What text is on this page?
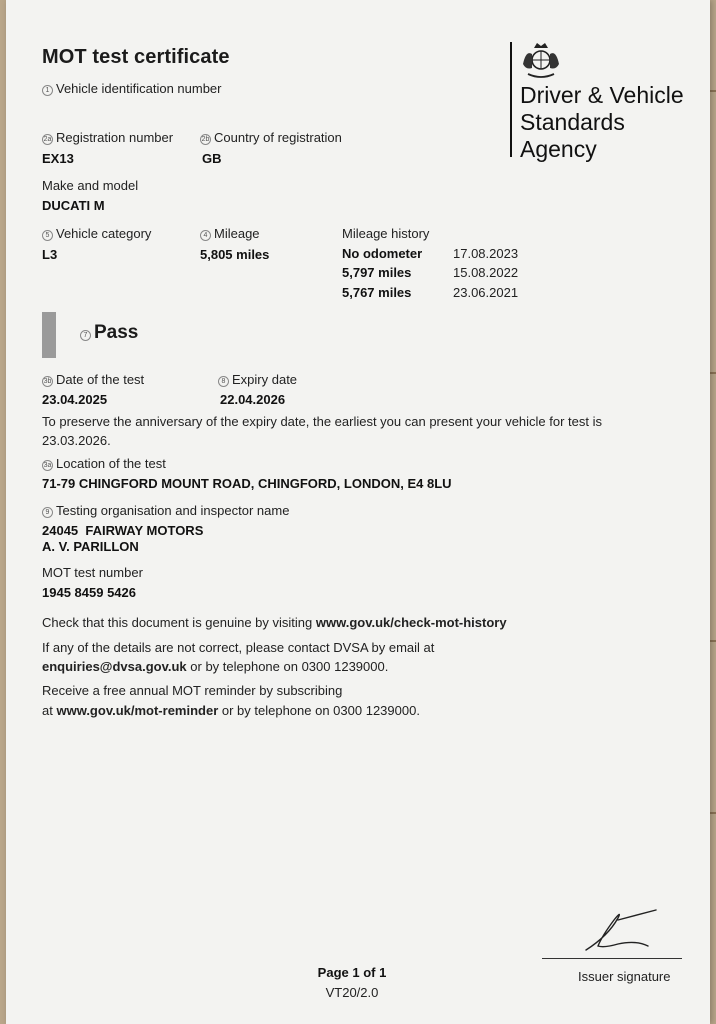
MOT test certificate
1 Vehicle identification number	Driver & Vehicle
Standards
Agency
2a Registration number
EX13
2b Country of registration
GB
Make and model
DUCATI M
5 Vehicle category
L3
4 Mileage
5,805 miles
Mileage history
No odometer 17.08.2023
5,797 miles	15.08.2022
5,767 miles	23.06.2021
7 Pass
3b Date of the test
23.04.2025
8 Expiry date
22.04.2026
To preserve the anniversary of the expiry date, the earliest you can present your vehicle for test is
23.03.2026.
3a Location of the test
71-79 CHINGFORD MOUNT ROAD, CHINGFORD, LONDON, E4 8LU
9 Testing organisation and inspector name
24045  FAIRWAY MOTORS
A. V. PARILLON
MOT test number
1945 8459 5426
Check that this document is genuine by visiting www.gov.uk/check-mot-history
If any of the details are not correct, please contact DVSA by email at
enquiries@dvsa.gov.uk or by telephone on 0300 1239000.
Receive a free annual MOT reminder by subscribing
at www.gov.uk/mot-reminder or by telephone on 0300 1239000.
Issuer signature
Page 1 of 1
VT20/2.0
